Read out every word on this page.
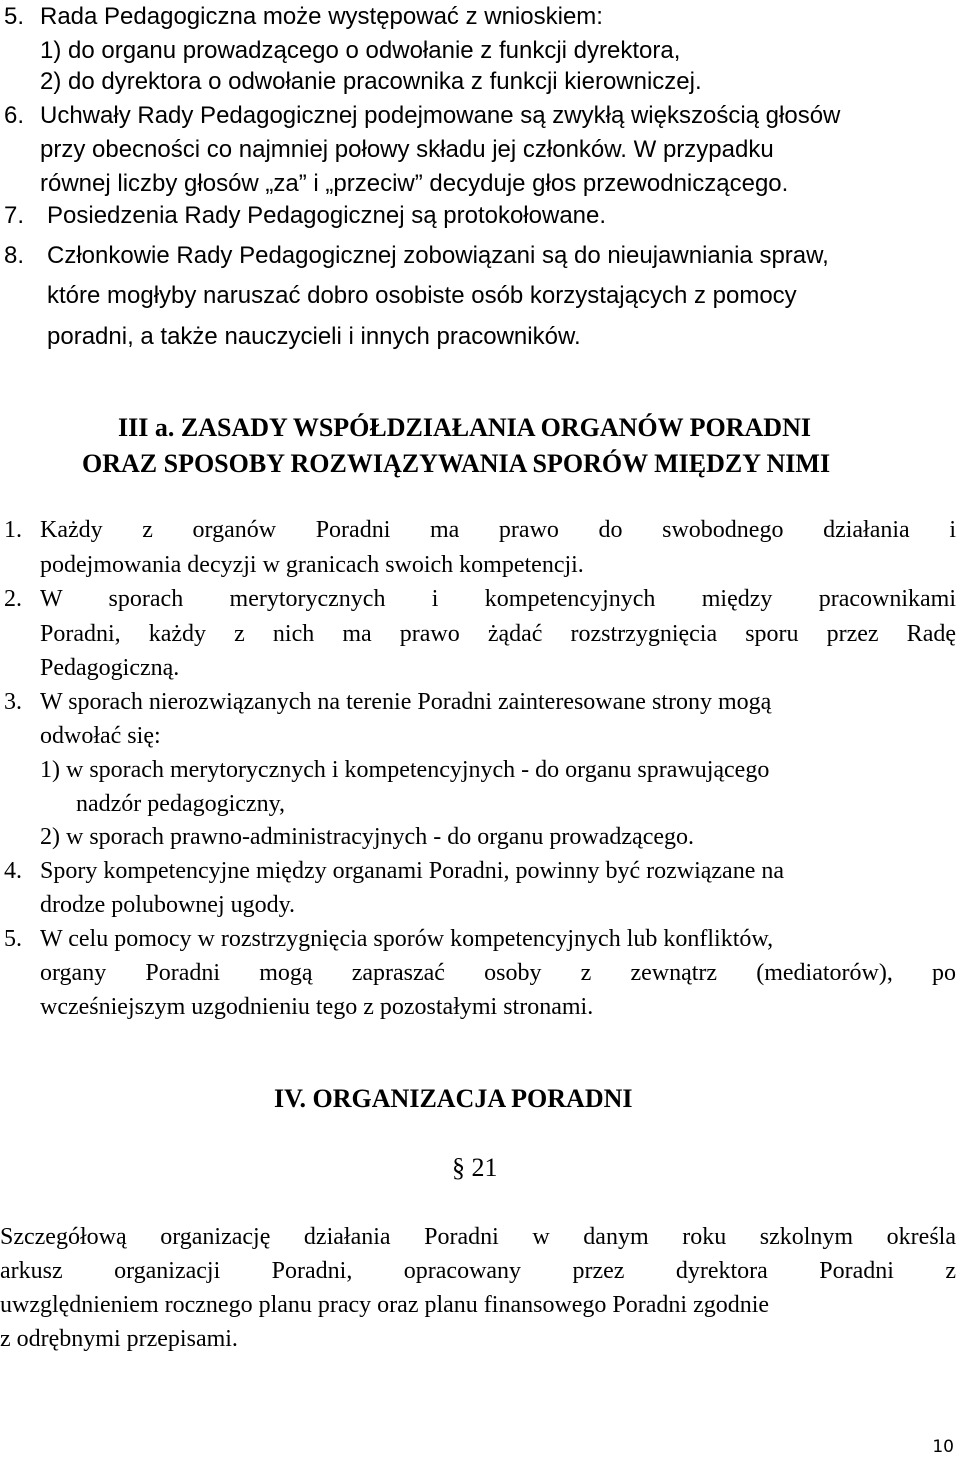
5. Rada Pedagogiczna może występować z wnioskiem:
1) do organu prowadzącego o odwołanie z funkcji dyrektora,
2) do dyrektora o odwołanie pracownika z funkcji kierowniczej.
6. Uchwały Rady Pedagogicznej podejmowane są zwykłą większością głosów
przy obecności co najmniej połowy składu jej członków. W przypadku
równej liczby głosów „za” i „przeciw” decyduje głos przewodniczącego.
7. Posiedzenia Rady Pedagogicznej są protokołowane.
8. Członkowie Rady Pedagogicznej zobowiązani są do nieujawniania spraw,
które mogłyby naruszać dobro osobiste osób korzystających z pomocy
poradni, a także nauczycieli i innych pracowników.
III a. ZASADY WSPÓŁDZIAŁANIA ORGANÓW PORADNI
ORAZ SPOSOBY ROZWIĄZYWANIA SPORÓW MIĘDZY NIMI
1. Każdy z organów Poradni ma prawo do swobodnego działania i
podejmowania decyzji w granicach swoich kompetencji.
2. W sporach merytorycznych i kompetencyjnych między pracownikami
Poradni, każdy z nich ma prawo żądać rozstrzygnięcia sporu przez Radę
Pedagogiczną.
3. W sporach nierozwiązanych na terenie Poradni zainteresowane strony mogą
odwołać się:
1) w sporach merytorycznych i kompetencyjnych - do organu sprawującego
nadzór pedagogiczny,
2) w sporach prawno-administracyjnych - do organu prowadzącego.
4. Spory kompetencyjne między organami Poradni, powinny być rozwiązane na
drodze polubownej ugody.
5. W celu pomocy w rozstrzygnięcia sporów kompetencyjnych lub konfliktów,
organy Poradni mogą zapraszać osoby z zewnątrz (mediatorów), po
wcześniejszym uzgodnieniu tego z pozostałymi stronami.
IV. ORGANIZACJA PORADNI
§ 21
Szczegółową organizację działania Poradni w danym roku szkolnym określa
arkusz organizacji Poradni, opracowany przez dyrektora Poradni z
uwzględnieniem rocznego planu pracy oraz planu finansowego Poradni zgodnie
z odrębnymi przepisami.
10
